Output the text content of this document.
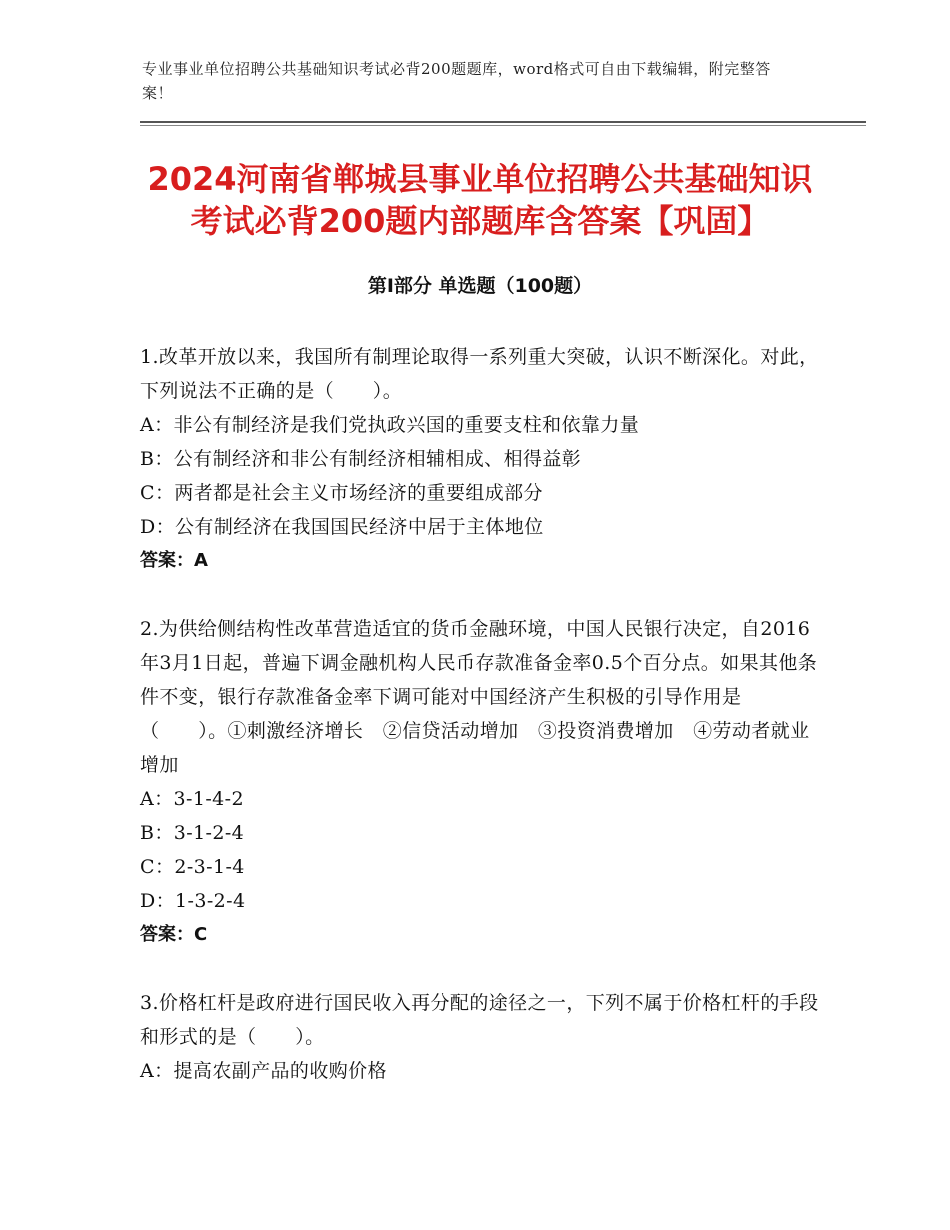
专业事业单位招聘公共基础知识考试必背200题题库，word格式可自由下载编辑，附完整答案！
2024河南省郸城县事业单位招聘公共基础知识考试必背200题内部题库含答案【巩固】
第Ⅰ部分 单选题（100题）
1.改革开放以来，我国所有制理论取得一系列重大突破，认识不断深化。对此，下列说法不正确的是（　　）。
A：非公有制经济是我们党执政兴国的重要支柱和依靠力量
B：公有制经济和非公有制经济相辅相成、相得益彰
C：两者都是社会主义市场经济的重要组成部分
D：公有制经济在我国国民经济中居于主体地位
答案：A
2.为供给侧结构性改革营造适宜的货币金融环境，中国人民银行决定，自2016年3月1日起，普遍下调金融机构人民币存款准备金率0.5个百分点。如果其他条件不变，银行存款准备金率下调可能对中国经济产生积极的引导作用是（　　）。①刺激经济增长　②信贷活动增加　③投资消费增加　④劳动者就业增加
A：3-1-4-2
B：3-1-2-4
C：2-3-1-4
D：1-3-2-4
答案：C
3.价格杠杆是政府进行国民收入再分配的途径之一，下列不属于价格杠杆的手段和形式的是（　　）。
A：提高农副产品的收购价格
